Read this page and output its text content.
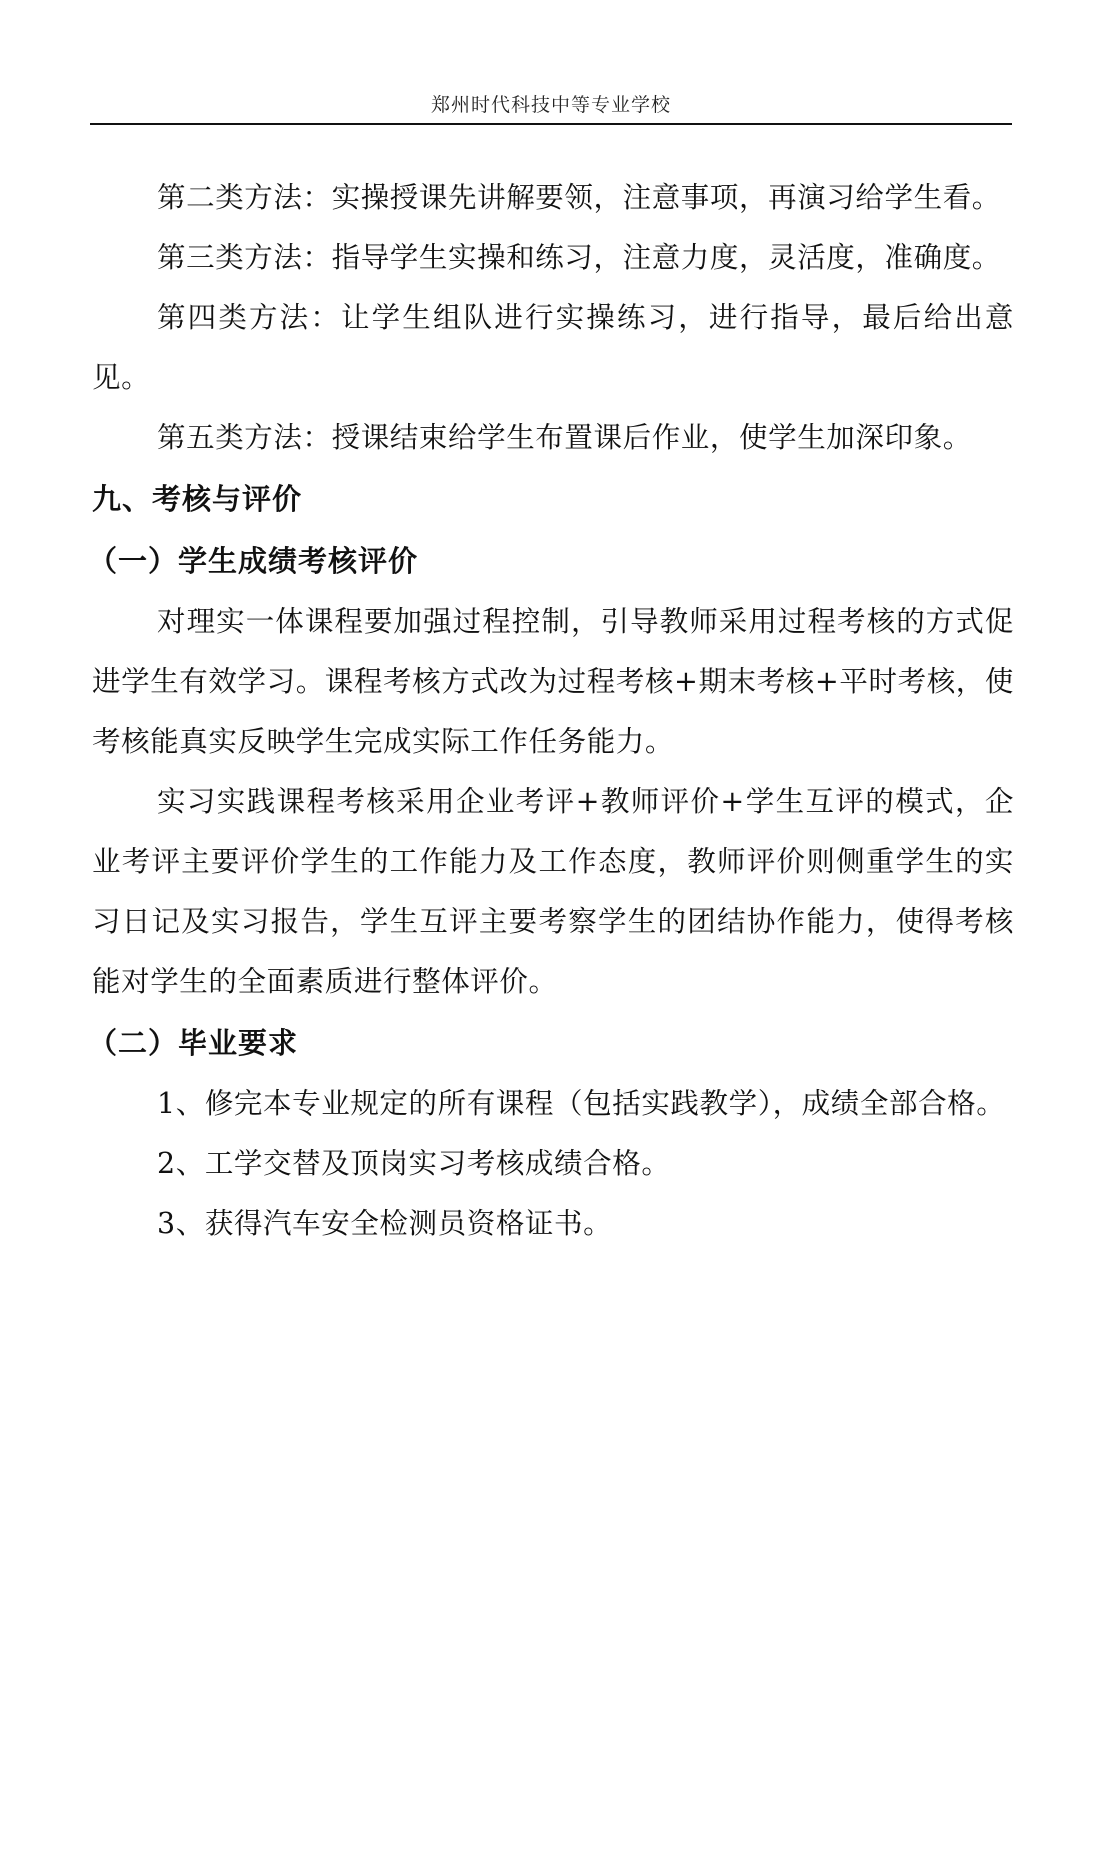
郑州时代科技中等专业学校

第二类方法：实操授课先讲解要领，注意事项，再演习给学生看。

第三类方法：指导学生实操和练习，注意力度，灵活度，准确度。

第四类方法：让学生组队进行实操练习，进行指导，最后给出意见。

第五类方法：授课结束给学生布置课后作业，使学生加深印象。

九、考核与评价

（一）学生成绩考核评价

对理实一体课程要加强过程控制，引导教师采用过程考核的方式促进学生有效学习。课程考核方式改为过程考核+期末考核+平时考核，使考核能真实反映学生完成实际工作任务能力。

实习实践课程考核采用企业考评+教师评价+学生互评的模式，企业考评主要评价学生的工作能力及工作态度，教师评价则侧重学生的实习日记及实习报告，学生互评主要考察学生的团结协作能力，使得考核能对学生的全面素质进行整体评价。

（二）毕业要求

1、修完本专业规定的所有课程（包括实践教学），成绩全部合格。

2、工学交替及顶岗实习考核成绩合格。

3、获得汽车安全检测员资格证书。
